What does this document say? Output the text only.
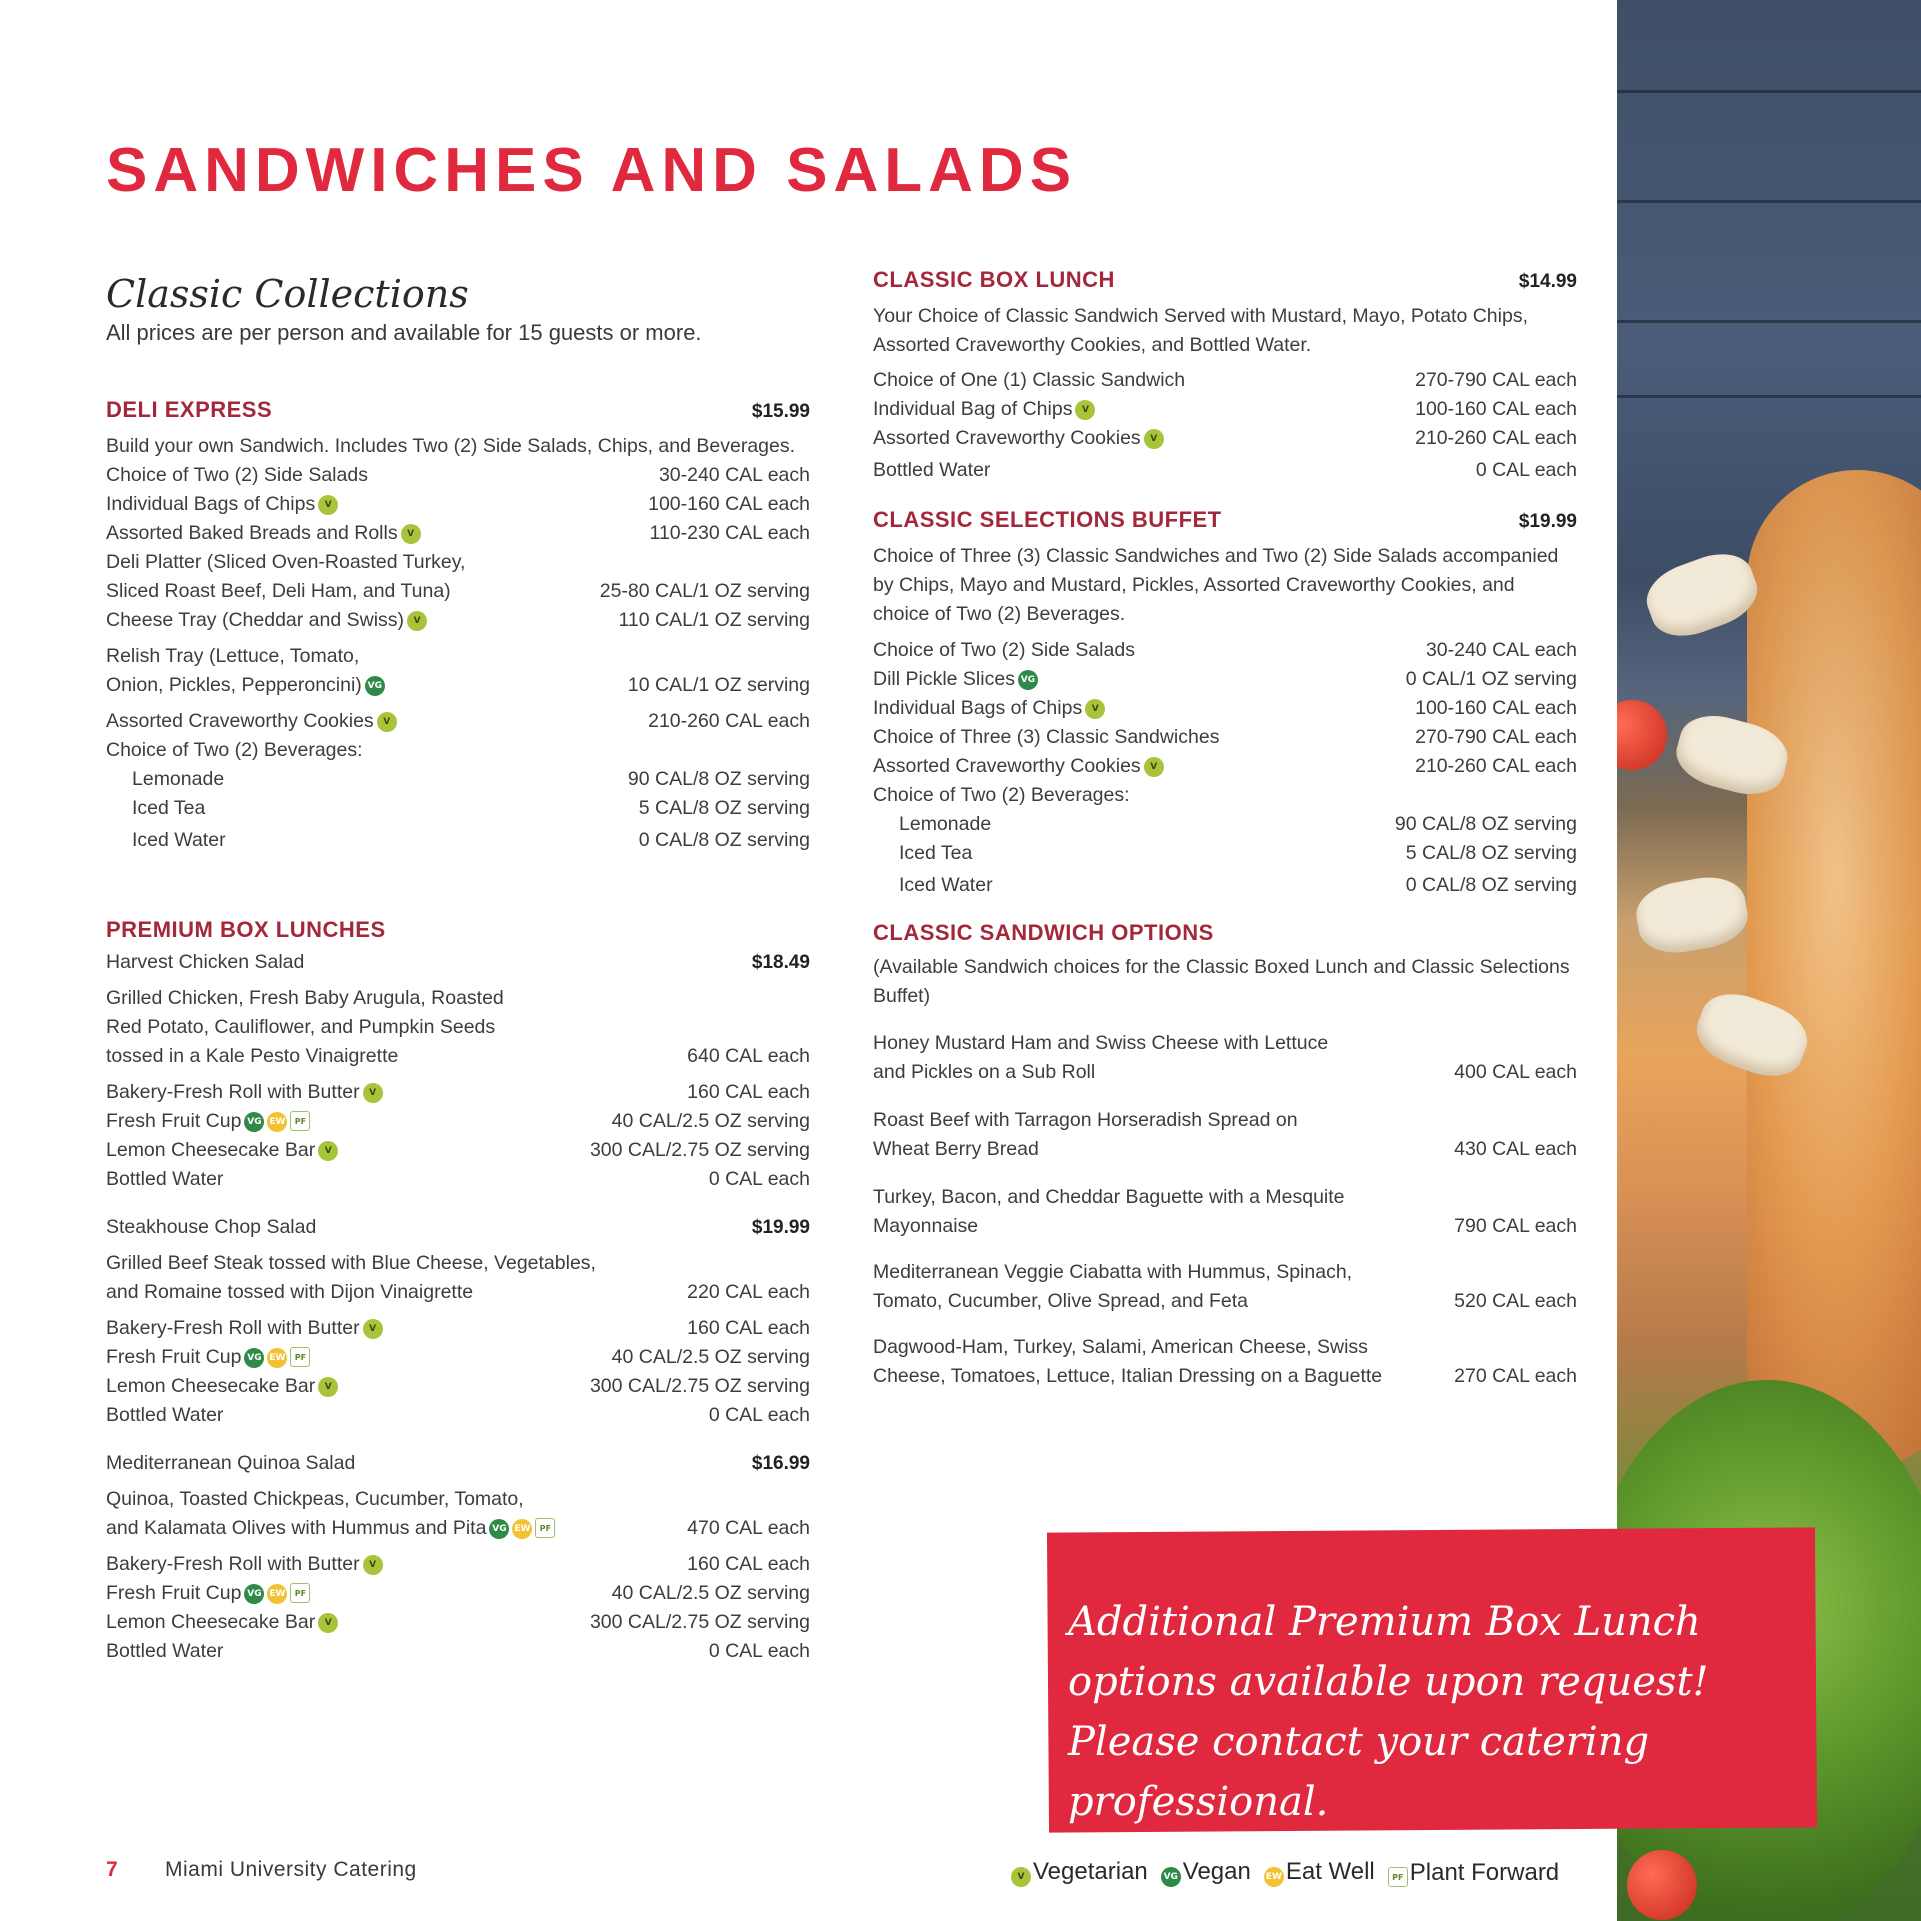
SANDWICHES AND SALADS
Classic Collections
All prices are per person and available for 15 guests or more.
DELI EXPRESS	$15.99
Build your own Sandwich. Includes Two (2) Side Salads, Chips, and Beverages.
Choice of Two (2) Side Salads	30-240 CAL each
Individual Bags of Chips V	100-160 CAL each
Assorted Baked Breads and Rolls V	110-230 CAL each
Deli Platter (Sliced Oven-Roasted Turkey,
Sliced Roast Beef, Deli Ham, and Tuna)	25-80 CAL/1 OZ serving
Cheese Tray (Cheddar and Swiss) V	110 CAL/1 OZ serving
Relish Tray (Lettuce, Tomato,
Onion, Pickles, Pepperoncini) VG	10 CAL/1 OZ serving
Assorted Craveworthy Cookies V	210-260 CAL each
Choice of Two (2) Beverages:
Lemonade	90 CAL/8 OZ serving
Iced Tea	5 CAL/8 OZ serving
Iced Water	0 CAL/8 OZ serving
PREMIUM BOX LUNCHES
Harvest Chicken Salad	$18.49
Grilled Chicken, Fresh Baby Arugula, Roasted
Red Potato, Cauliflower, and Pumpkin Seeds
tossed in a Kale Pesto Vinaigrette	640 CAL each
Bakery-Fresh Roll with Butter V	160 CAL each
Fresh Fruit Cup VG EW PF	40 CAL/2.5 OZ serving
Lemon Cheesecake Bar V	300 CAL/2.75 OZ serving
Bottled Water	0 CAL each
Steakhouse Chop Salad	$19.99
Grilled Beef Steak tossed with Blue Cheese, Vegetables,
and Romaine tossed with Dijon Vinaigrette	220 CAL each
Bakery-Fresh Roll with Butter V	160 CAL each
Fresh Fruit Cup VG EW PF	40 CAL/2.5 OZ serving
Lemon Cheesecake Bar V	300 CAL/2.75 OZ serving
Bottled Water	0 CAL each
Mediterranean Quinoa Salad	$16.99
Quinoa, Toasted Chickpeas, Cucumber, Tomato,
and Kalamata Olives with Hummus and Pita VG EW PF	470 CAL each
Bakery-Fresh Roll with Butter V	160 CAL each
Fresh Fruit Cup VG EW PF	40 CAL/2.5 OZ serving
Lemon Cheesecake Bar V	300 CAL/2.75 OZ serving
Bottled Water	0 CAL each
CLASSIC BOX LUNCH	$14.99
Your Choice of Classic Sandwich Served with Mustard, Mayo, Potato Chips,
Assorted Craveworthy Cookies, and Bottled Water.
Choice of One (1) Classic Sandwich	270-790 CAL each
Individual Bag of Chips V	100-160 CAL each
Assorted Craveworthy Cookies V	210-260 CAL each
Bottled Water	0 CAL each
CLASSIC SELECTIONS BUFFET	$19.99
Choice of Three (3) Classic Sandwiches and Two (2) Side Salads accompanied
by Chips, Mayo and Mustard, Pickles, Assorted Craveworthy Cookies, and
choice of Two (2) Beverages.
Choice of Two (2) Side Salads	30-240 CAL each
Dill Pickle Slices VG	0 CAL/1 OZ serving
Individual Bags of Chips V	100-160 CAL each
Choice of Three (3) Classic Sandwiches	270-790 CAL each
Assorted Craveworthy Cookies V	210-260 CAL each
Choice of Two (2) Beverages:
Lemonade	90 CAL/8 OZ serving
Iced Tea	5 CAL/8 OZ serving
Iced Water	0 CAL/8 OZ serving
CLASSIC SANDWICH OPTIONS
(Available Sandwich choices for the Classic Boxed Lunch and Classic Selections
Buffet)
Honey Mustard Ham and Swiss Cheese with Lettuce
and Pickles on a Sub Roll	400 CAL each
Roast Beef with Tarragon Horseradish Spread on
Wheat Berry Bread	430 CAL each
Turkey, Bacon, and Cheddar Baguette with a Mesquite
Mayonnaise	790 CAL each
Mediterranean Veggie Ciabatta with Hummus, Spinach,
Tomato, Cucumber, Olive Spread, and Feta	520 CAL each
Dagwood-Ham, Turkey, Salami, American Cheese, Swiss
Cheese, Tomatoes, Lettuce, Italian Dressing on a Baguette	270 CAL each
Additional Premium Box Lunch
options available upon request!
Please contact your catering professional.
7 Miami University Catering	V Vegetarian	VG Vegan	EW Eat Well	PF Plant Forward
